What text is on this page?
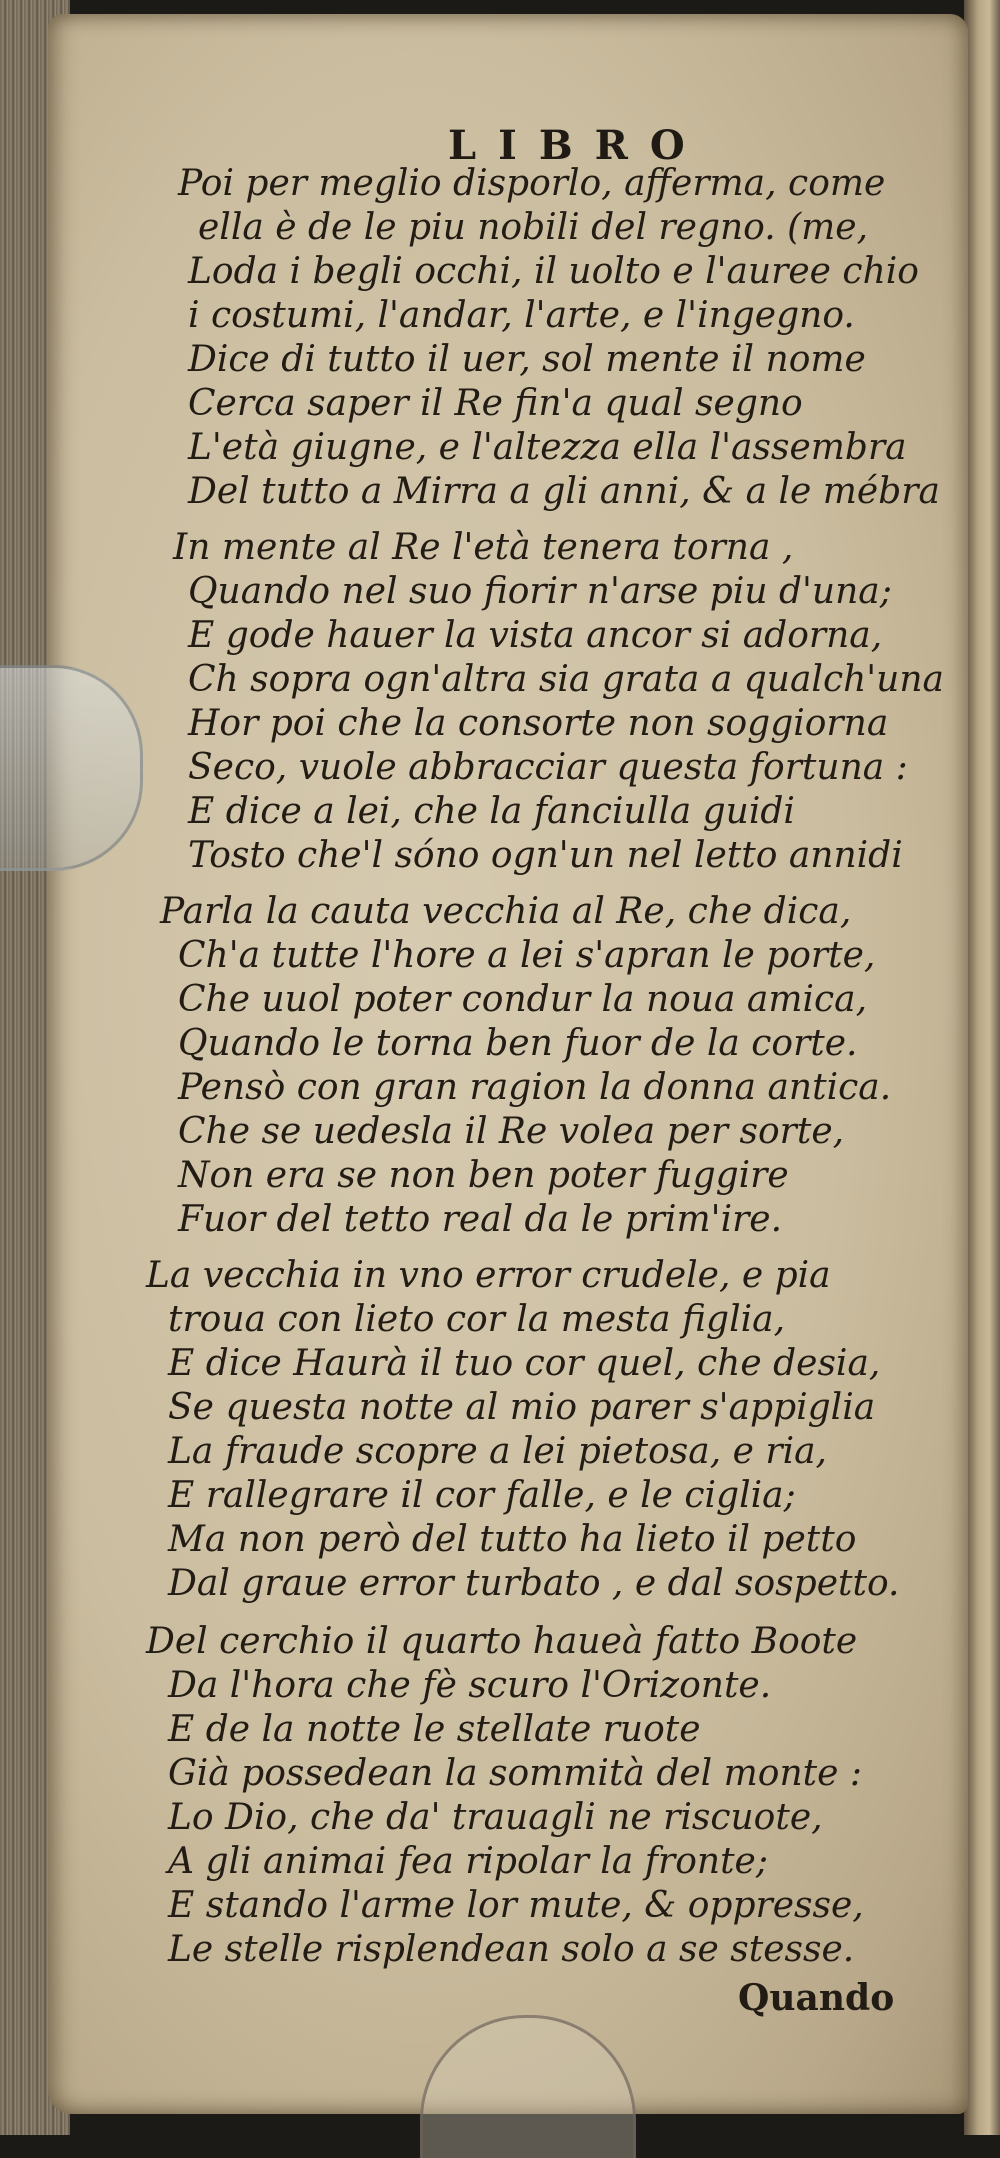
LIBRO
Poi per meglio disporlo, afferma, come
ella è de le piu nobili del regno. (me,
Loda i begli occhi, il uolto e l'auree chio
i costumi, l'andar, l'arte, e l'ingegno.
Dice di tutto il uer, sol mente il nome
Cerca saper il Re fin'a qual segno
L'età giugne, e l'altezza ella l'assembra
Del tutto a Mirra a gli anni, & a le mébra
In mente al Re l'età tenera torna ,
Quando nel suo fiorir n'arse piu d'una;
E gode hauer la vista ancor si adorna,
Ch sopra ogn'altra sia grata a qualch'una
Hor poi che la consorte non soggiorna
Seco, vuole abbracciar questa fortuna :
E dice a lei, che la fanciulla guidi
Tosto che'l sóno ogn'un nel letto annidi
Parla la cauta vecchia al Re, che dica,
Ch'a tutte l'hore a lei s'apran le porte,
Che uuol poter condur la noua amica,
Quando le torna ben fuor de la corte.
Pensò con gran ragion la donna antica.
Che se uedesla il Re volea per sorte,
Non era se non ben poter fuggire
Fuor del tetto real da le prim'ire.
La vecchia in vno error crudele, e pia
troua con lieto cor la mesta figlia,
E dice Haurà il tuo cor quel, che desia,
Se questa notte al mio parer s'appiglia
La fraude scopre a lei pietosa, e ria,
E rallegrare il cor falle, e le ciglia;
Ma non però del tutto ha lieto il petto
Dal graue error turbato , e dal sospetto.
Del cerchio il quarto haueà fatto Boote
Da l'hora che fè scuro l'Orizonte.
E de la notte le stellate ruote
Già possedean la sommità del monte :
Lo Dio, che da' trauagli ne riscuote,
A gli animai fea ripolar la fronte;
E stando l'arme lor mute, & oppresse,
Le stelle risplendean solo a se stesse.
Quando
